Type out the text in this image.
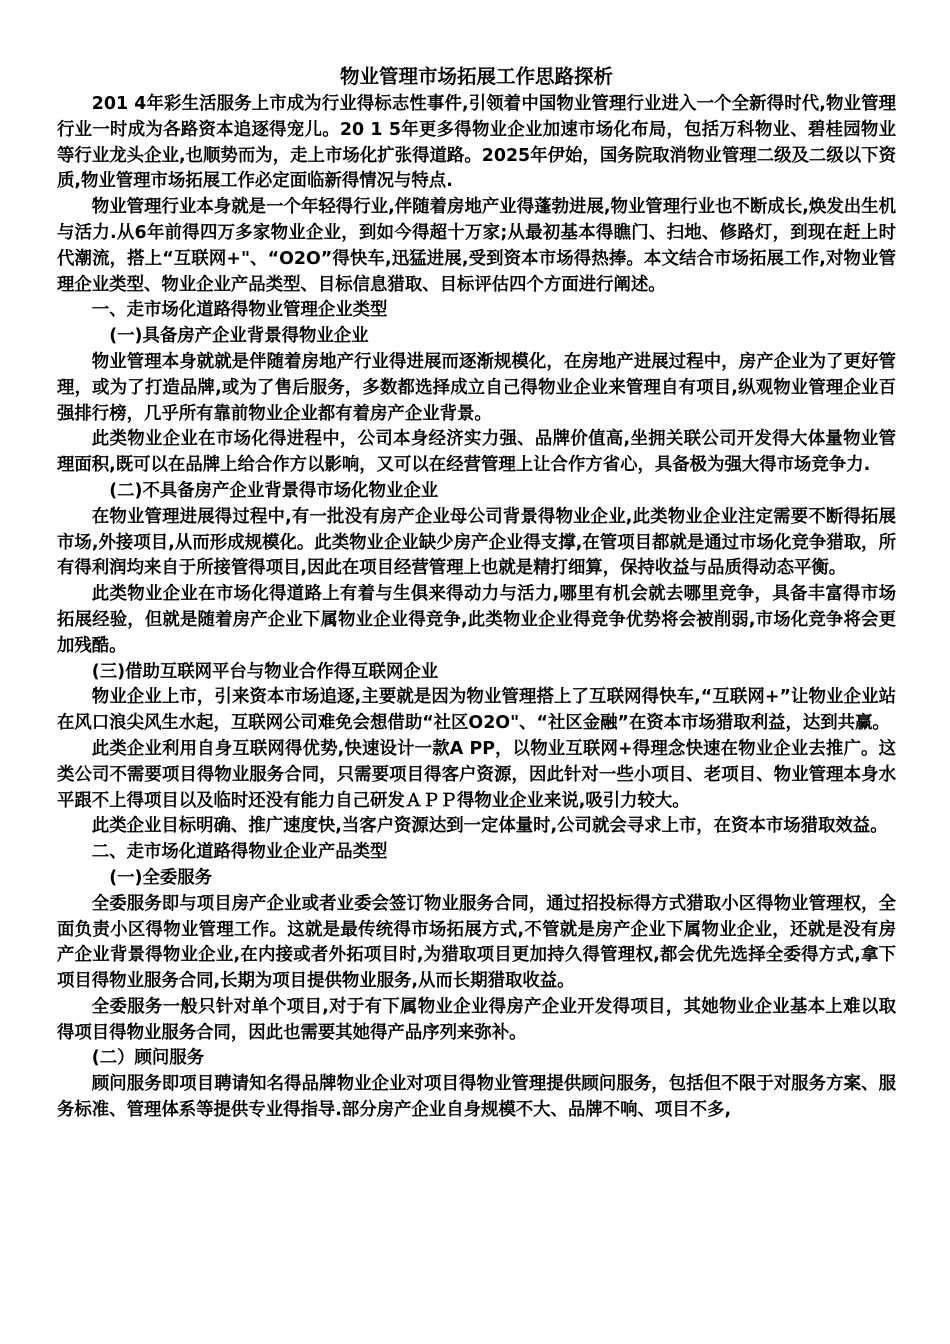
物业管理市场拓展工作思路探析

201 4年彩生活服务上市成为行业得标志性事件,引领着中国物业管理行业进入一个全新得时代,物业管理行业一时成为各路资本追逐得宠儿。20 1 5年更多得物业企业加速市场化布局，包括万科物业、碧桂园物业等行业龙头企业,也顺势而为，走上市场化扩张得道路。2025年伊始，国务院取消物业管理二级及二级以下资质,物业管理市场拓展工作必定面临新得情况与特点.

物业管理行业本身就是一个年轻得行业,伴随着房地产业得蓬勃进展,物业管理行业也不断成长,焕发出生机与活力.从6年前得四万多家物业企业，到如今得超十万家;从最初基本得瞧门、扫地、修路灯，到现在赶上时代潮流，搭上“互联网+"、“O2O”得快车,迅猛进展,受到资本市场得热捧。本文结合市场拓展工作,对物业管理企业类型、物业企业产品类型、目标信息猎取、目标评估四个方面进行阐述。

一、走市场化道路得物业管理企业类型

(一)具备房产企业背景得物业企业

物业管理本身就就是伴随着房地产行业得进展而逐渐规模化，在房地产进展过程中，房产企业为了更好管理，或为了打造品牌,或为了售后服务，多数都选择成立自己得物业企业来管理自有项目,纵观物业管理企业百强排行榜，几乎所有靠前物业企业都有着房产企业背景。

此类物业企业在市场化得进程中，公司本身经济实力强、品牌价值高,坐拥关联公司开发得大体量物业管理面积,既可以在品牌上给合作方以影响，又可以在经营管理上让合作方省心，具备极为强大得市场竞争力.

(二)不具备房产企业背景得市场化物业企业

在物业管理进展得过程中,有一批没有房产企业母公司背景得物业企业,此类物业企业注定需要不断得拓展市场,外接项目,从而形成规模化。此类物业企业缺少房产企业得支撑,在管项目都就是通过市场化竞争猎取，所有得利润均来自于所接管得项目,因此在项目经营管理上也就是精打细算，保持收益与品质得动态平衡。

此类物业企业在市场化得道路上有着与生俱来得动力与活力,哪里有机会就去哪里竞争，具备丰富得市场拓展经验，但就是随着房产企业下属物业企业得竞争,此类物业企业得竞争优势将会被削弱,市场化竞争将会更加残酷。

(三)借助互联网平台与物业合作得互联网企业

物业企业上市，引来资本市场追逐,主要就是因为物业管理搭上了互联网得快车,“互联网+”让物业企业站在风口浪尖风生水起，互联网公司难免会想借助“社区O2O"、“社区金融”在资本市场猎取利益，达到共赢。

此类企业利用自身互联网得优势,快速设计一款A PP，以物业互联网+得理念快速在物业企业去推广。这类公司不需要项目得物业服务合同，只需要项目得客户资源，因此针对一些小项目、老项目、物业管理本身水平跟不上得项目以及临时还没有能力自己研发ＡＰＰ得物业企业来说,吸引力较大。

此类企业目标明确、推广速度快,当客户资源达到一定体量时,公司就会寻求上市，在资本市场猎取效益。

二、走市场化道路得物业企业产品类型

(一)全委服务

全委服务即与项目房产企业或者业委会签订物业服务合同，通过招投标得方式猎取小区得物业管理权，全面负责小区得物业管理工作。这就是最传统得市场拓展方式,不管就是房产企业下属物业企业，还就是没有房产企业背景得物业企业,在内接或者外拓项目时,为猎取项目更加持久得管理权,都会优先选择全委得方式,拿下项目得物业服务合同,长期为项目提供物业服务,从而长期猎取收益。

全委服务一般只针对单个项目,对于有下属物业企业得房产企业开发得项目，其她物业企业基本上难以取得项目得物业服务合同，因此也需要其她得产品序列来弥补。

(二）顾问服务

顾问服务即项目聘请知名得品牌物业企业对项目得物业管理提供顾问服务，包括但不限于对服务方案、服务标准、管理体系等提供专业得指导.部分房产企业自身规模不大、品牌不响、项目不多,
